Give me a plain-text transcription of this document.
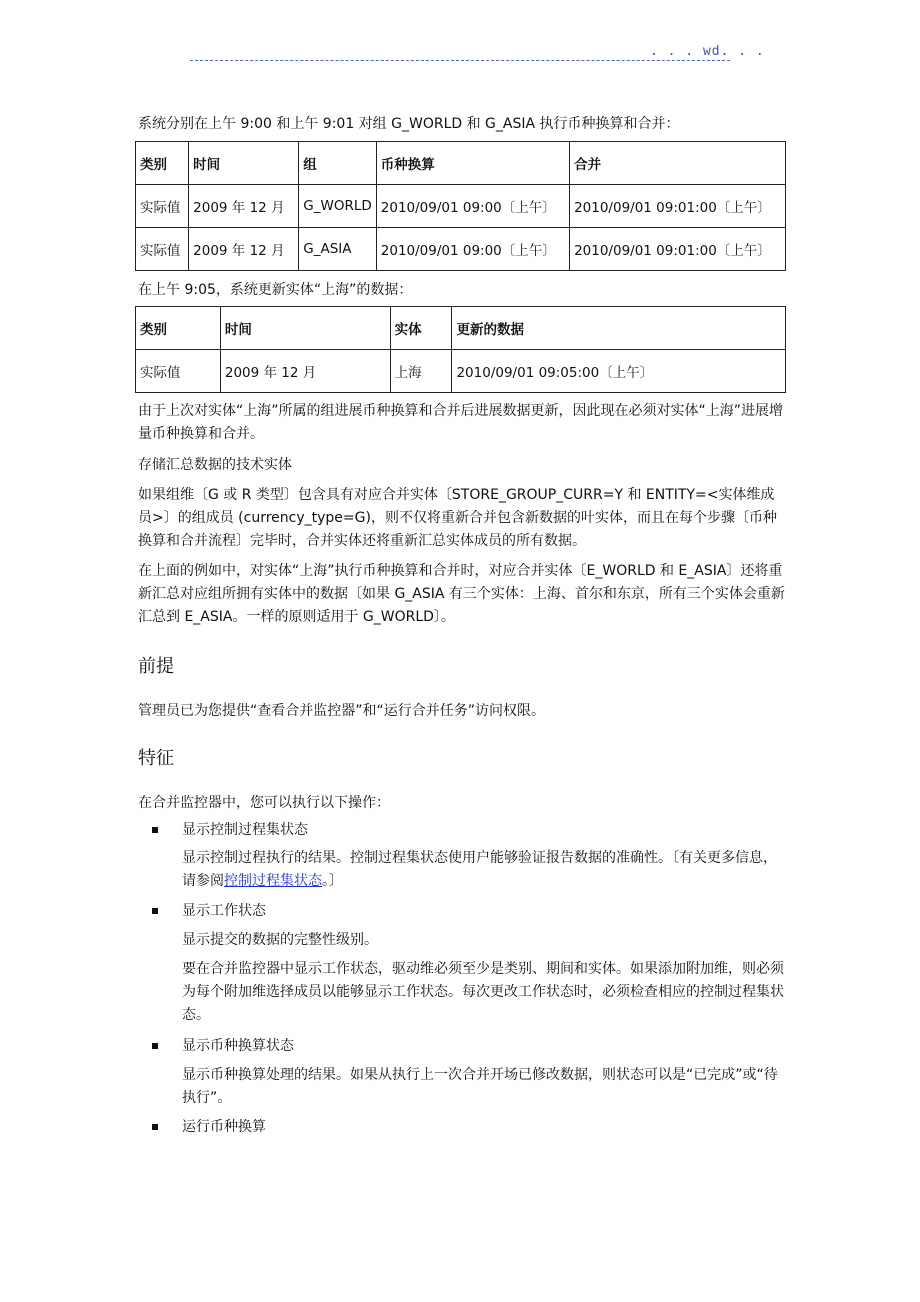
. . . wd. . .

系统分别在上午 9:00 和上午 9:01 对组 G_WORLD 和 G_ASIA 执行币种换算和合并：

类别	时间	组	币种换算	合并
实际值	2009 年 12 月	G_WORLD	2010/09/01 09:00〔上午〕	2010/09/01 09:01:00〔上午〕
实际值	2009 年 12 月	G_ASIA	2010/09/01 09:00〔上午〕	2010/09/01 09:01:00〔上午〕

在上午 9:05，系统更新实体“上海”的数据：

类别	时间	实体	更新的数据
实际值	2009 年 12 月	上海	2010/09/01 09:05:00〔上午〕

由于上次对实体“上海”所属的组进展币种换算和合并后进展数据更新，因此现在必须对实体“上海”进展增量币种换算和合并。

存储汇总数据的技术实体

如果组维〔G 或 R 类型〕包含具有对应合并实体〔STORE_GROUP_CURR=Y 和 ENTITY=<实体维成员>〕的组成员 (currency_type=G)，则不仅将重新合并包含新数据的叶实体，而且在每个步骤〔币种换算和合并流程〕完毕时，合并实体还将重新汇总实体成员的所有数据。

在上面的例如中，对实体“上海”执行币种换算和合并时，对应合并实体〔E_WORLD 和 E_ASIA〕还将重新汇总对应组所拥有实体中的数据〔如果 G_ASIA 有三个实体：上海、首尔和东京，所有三个实体会重新汇总到 E_ASIA。一样的原则适用于 G_WORLD〕。

前提

管理员已为您提供“查看合并监控器”和“运行合并任务”访问权限。

特征

在合并监控器中，您可以执行以下操作：

显示控制过程集状态

显示控制过程执行的结果。控制过程集状态使用户能够验证报告数据的准确性。〔有关更多信息，请参阅控制过程集状态。〕

显示工作状态

显示提交的数据的完整性级别。

要在合并监控器中显示工作状态，驱动维必须至少是类别、期间和实体。如果添加附加维，则必须为每个附加维选择成员以能够显示工作状态。每次更改工作状态时，必须检查相应的控制过程集状态。

显示币种换算状态

显示币种换算处理的结果。如果从执行上一次合并开场已修改数据，则状态可以是“已完成”或“待执行”。

运行币种换算
